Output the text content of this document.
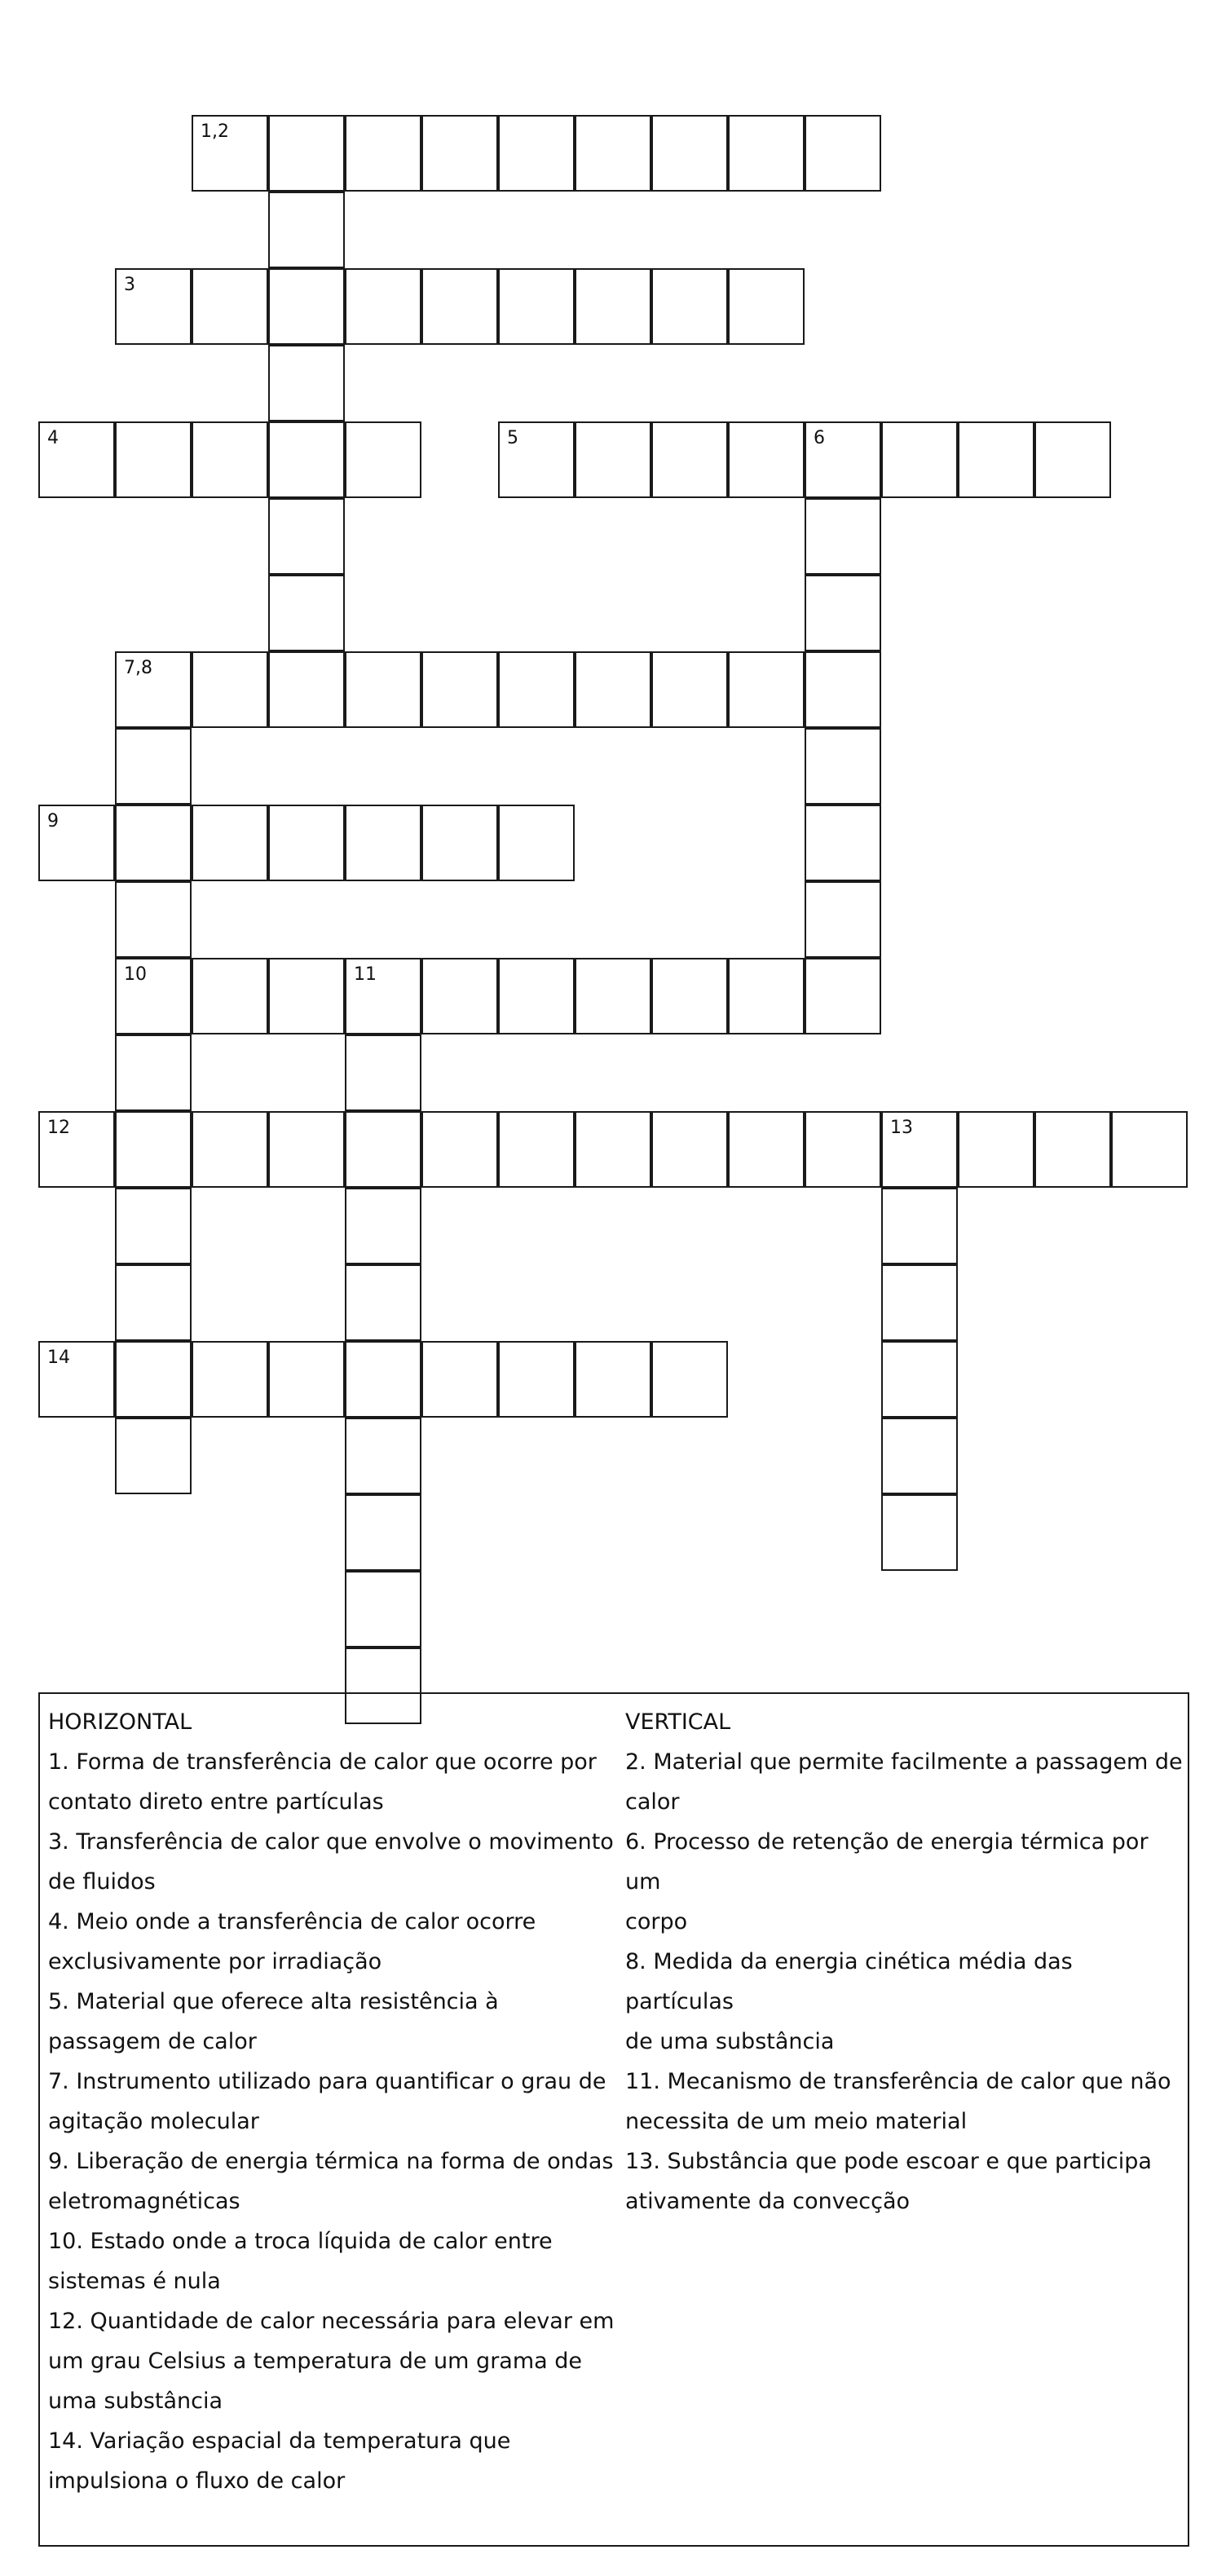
1,2
3
4	5	6
7,8
9
10	11
12	13
14
HORIZONTAL
1. Forma de transferência de calor que ocorre por
contato direto entre partículas
3. Transferência de calor que envolve o movimento
de fluidos
4. Meio onde a transferência de calor ocorre
exclusivamente por irradiação
5. Material que oferece alta resistência à
passagem de calor
7. Instrumento utilizado para quantificar o grau de
agitação molecular
9. Liberação de energia térmica na forma de ondas
eletromagnéticas
10. Estado onde a troca líquida de calor entre
sistemas é nula
12. Quantidade de calor necessária para elevar em
um grau Celsius a temperatura de um grama de
uma substância
14. Variação espacial da temperatura que
impulsiona o fluxo de calor
VERTICAL
2. Material que permite facilmente a passagem de
calor
6. Processo de retenção de energia térmica por um
corpo
8. Medida da energia cinética média das partículas
de uma substância
11. Mecanismo de transferência de calor que não
necessita de um meio material
13. Substância que pode escoar e que participa
ativamente da convecção
